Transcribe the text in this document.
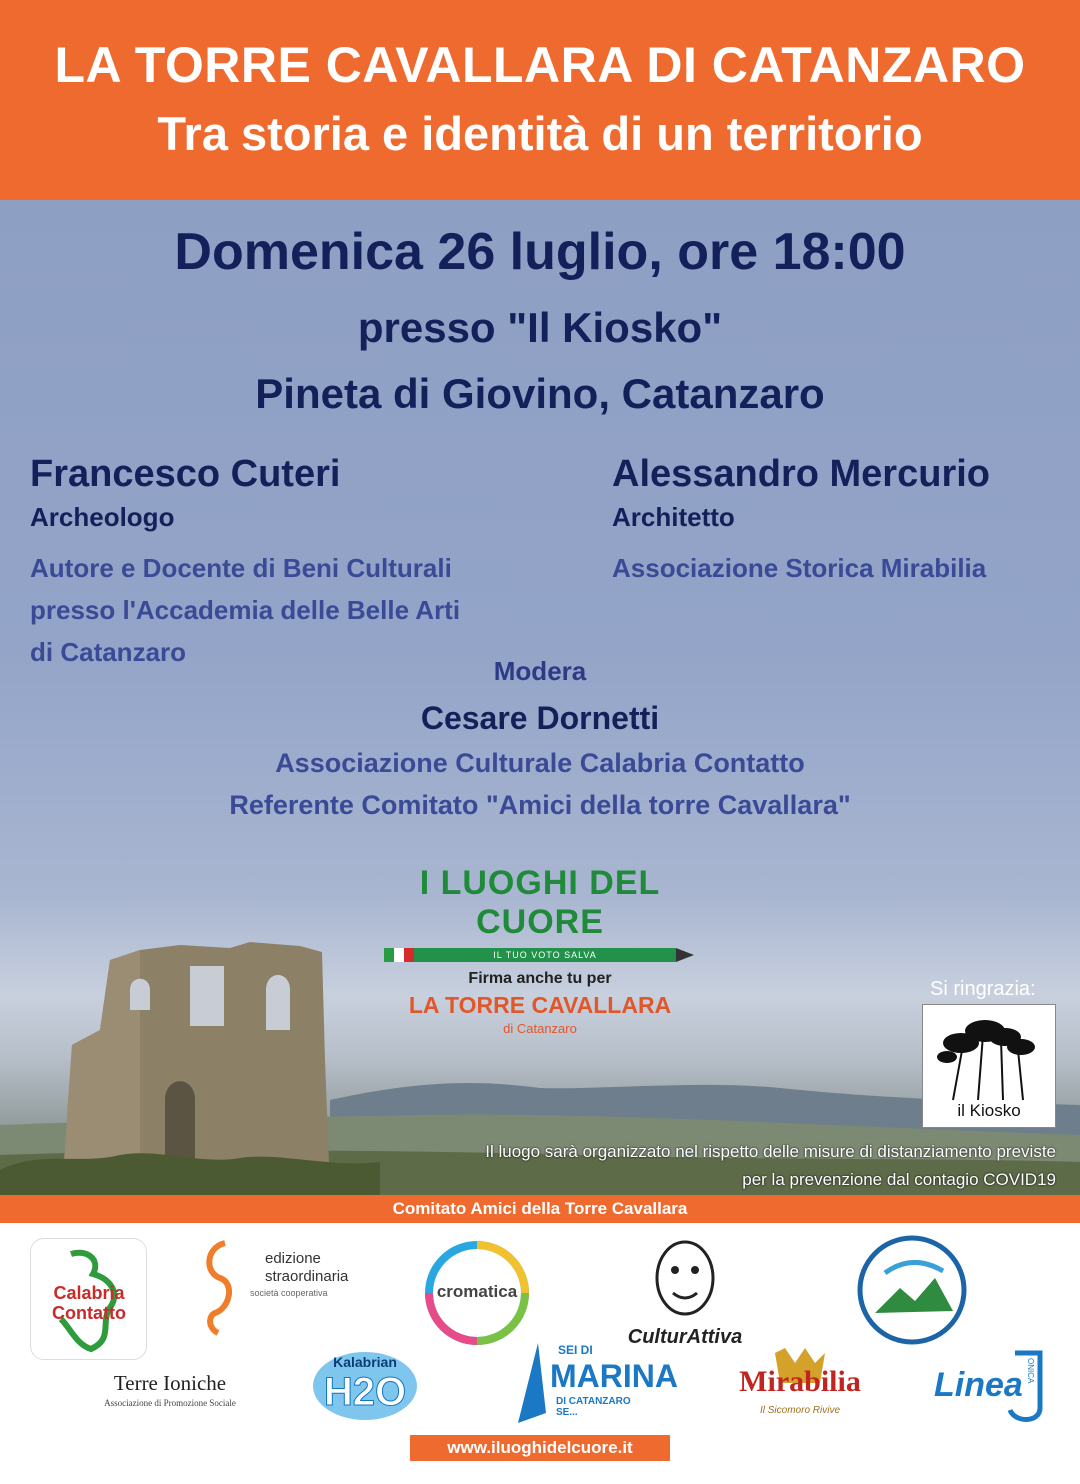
LA TORRE CAVALLARA DI CATANZARO
Tra storia e identità di un territorio
Domenica 26 luglio, ore 18:00
presso "Il Kiosko"
Pineta di Giovino, Catanzaro
Francesco Cuteri
Archeologo
Autore e Docente di Beni Culturali
presso l'Accademia delle Belle Arti
di Catanzaro
Alessandro Mercurio
Architetto
Associazione Storica Mirabilia
Modera
Cesare Dornetti
Associazione Culturale Calabria Contatto
Referente Comitato "Amici della torre Cavallara"
I LUOGHI DEL CUORE
IL TUO VOTO SALVA
Firma anche tu per
LA TORRE CAVALLARA
di Catanzaro
Si ringrazia:
il Kiosko
Il luogo sarà organizzato nel rispetto delle misure di distanziamento previste
per la prevenzione dal contagio COVID19
Comitato Amici della Torre Cavallara
Calabria Contatto
edizione
straordinaria
società cooperativa	cromatica
CulturAttiva
Terre Ioniche
Associazione di Promozione Sociale
Kalabrian
H2O
SEI DI
MARINA
DI CATANZARO SE...
Mirabilia
Il Sicomoro Rivive
Linea ONICA
www.iluoghidelcuore.it
